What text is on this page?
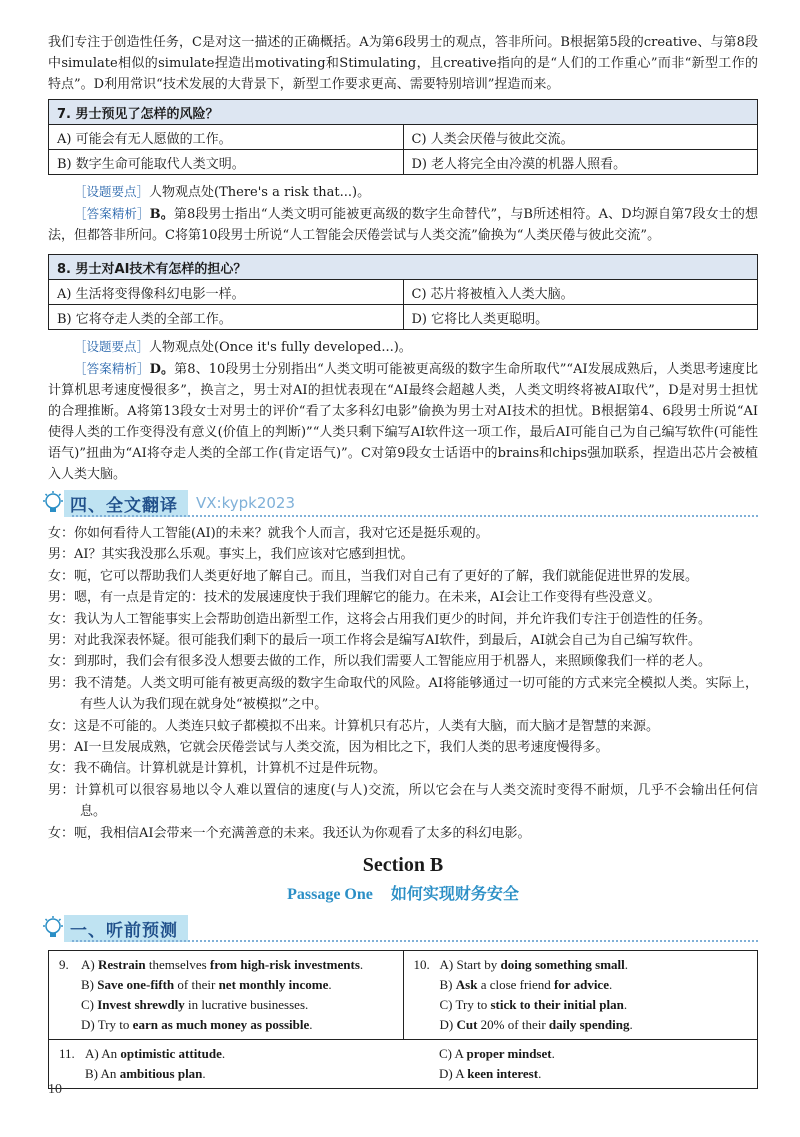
我们专注于创造性任务，C是对这一描述的正确概括。A为第6段男士的观点，答非所问。B根据第5段的creative、与第8段中simulate相似的simulate捏造出motivating和Stimulating，且creative指向的是“人们的工作重心”而非“新型工作的特点”。D利用常识“技术发展的大背景下，新型工作要求更高、需要特别培训”捏造而来。

7. 男士预见了怎样的风险？	
A) 可能会有无人愿做的工作。	C) 人类会厌倦与彼此交流。
B) 数字生命可能取代人类文明。	D) 老人将完全由冷漠的机器人照看。

［设题要点］人物观点处(There's a risk that...)。

［答案精析］B。第8段男士指出“人类文明可能被更高级的数字生命替代”，与B所述相符。A、D均源自第7段女士的想法，但都答非所问。C将第10段男士所说“人工智能会厌倦尝试与人类交流”偷换为“人类厌倦与彼此交流”。

8. 男士对AI技术有怎样的担心？	
A) 生活将变得像科幻电影一样。	C) 芯片将被植入人类大脑。
B) 它将夺走人类的全部工作。	D) 它将比人类更聪明。

［设题要点］人物观点处(Once it's fully developed...)。

［答案精析］D。第8、10段男士分别指出“人类文明可能被更高级的数字生命所取代”“AI发展成熟后，人类思考速度比计算机思考速度慢很多”，换言之，男士对AI的担忧表现在“AI最终会超越人类，人类文明终将被AI取代”，D是对男士担忧的合理推断。A将第13段女士对男士的评价“看了太多科幻电影”偷换为男士对AI技术的担忧。B根据第4、6段男士所说“AI使得人类的工作变得没有意义(价值上的判断)”“人类只剩下编写AI软件这一项工作，最后AI可能自己为自己编写软件(可能性语气)”扭曲为“AI将夺走人类的全部工作(肯定语气)”。C对第9段女士话语中的brains和chips强加联系，捏造出芯片会被植入人类大脑。

四、全文翻译	VX:kypk2023

女：你如何看待人工智能(AI)的未来？就我个人而言，我对它还是挺乐观的。

男：AI？其实我没那么乐观。事实上，我们应该对它感到担忧。

女：呃，它可以帮助我们人类更好地了解自己。而且，当我们对自己有了更好的了解，我们就能促进世界的发展。

男：嗯，有一点是肯定的：技术的发展速度快于我们理解它的能力。在未来，AI会让工作变得有些没意义。

女：我认为人工智能事实上会帮助创造出新型工作，这将会占用我们更少的时间，并允许我们专注于创造性的任务。

男：对此我深表怀疑。很可能我们剩下的最后一项工作将会是编写AI软件，到最后，AI就会自己为自己编写软件。

女：到那时，我们会有很多没人想要去做的工作，所以我们需要人工智能应用于机器人，来照顾像我们一样的老人。

男：我不清楚。人类文明可能有被更高级的数字生命取代的风险。AI将能够通过一切可能的方式来完全模拟人类。实际上，有些人认为我们现在就身处“被模拟”之中。

女：这是不可能的。人类连只蚊子都模拟不出来。计算机只有芯片，人类有大脑，而大脑才是智慧的来源。

男：AI一旦发展成熟，它就会厌倦尝试与人类交流，因为相比之下，我们人类的思考速度慢得多。

女：我不确信。计算机就是计算机，计算机不过是件玩物。

男：计算机可以很容易地以令人难以置信的速度(与人)交流，所以它会在与人类交流时变得不耐烦，几乎不会输出任何信息。

女：呃，我相信AI会带来一个充满善意的未来。我还认为你观看了太多的科幻电影。

Section B
Passage One 如何实现财务安全
一、听前预测
9. A) Restrain themselves from high-risk investments.
B) Save one-fifth of their net monthly income.
C) Invest shrewdly in lucrative businesses.
D) Try to earn as much money as possible.

10. A) Start by doing something small.
B) Ask a close friend for advice.
C) Try to stick to their initial plan.
D) Cut 20% of their daily spending.

11. A) An optimistic attitude.
B) An ambitious plan.
C) A proper mindset.
D) A keen interest.
10
